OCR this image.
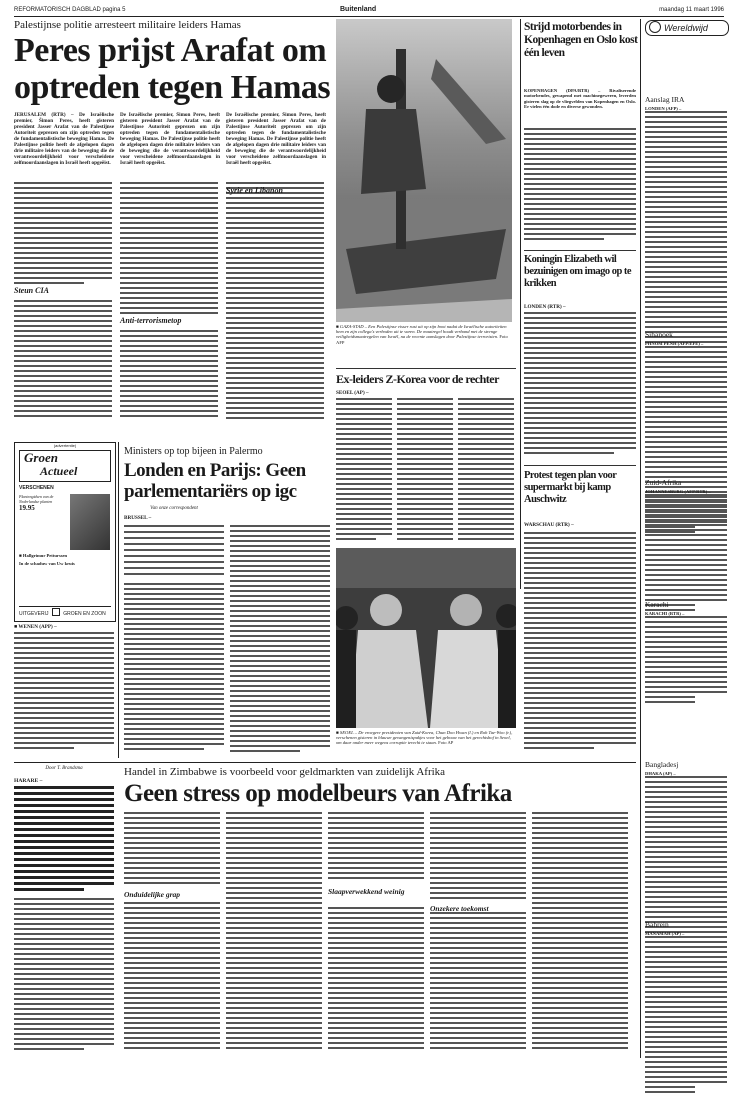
REFORMATORISCH DAGBLAD pagina 5	Buitenland	maandag 11 maart 1996
Palestijnse politie arresteert militaire leiders Hamas
Peres prijst Arafat om
optreden tegen Hamas
JERUSALEM (RTR) – De Israëlische premier, Šimon Peres, heeft gisteren president Jasser Arafat van de Palestijnse Autoriteit geprezen om zijn optreden tegen de fundamentalistische beweging Hamas. De Palestijnse politie heeft de afgelopen dagen drie militaire leiders van de beweging die de verantwoordelijkheid voor verscheidene zelfmoordaanslagen in Israël heeft opgeëist.
De Israëlische premier, Šimon Peres, heeft gisteren president Jasser Arafat van de Palestijnse Autoriteit geprezen om zijn optreden tegen de fundamentalistische beweging Hamas. De Palestijnse politie heeft de afgelopen dagen drie militaire leiders van de beweging die de verantwoordelijkheid voor verscheidene zelfmoordaanslagen in Israël heeft opgeëist.
De Israëlische premier, Šimon Peres, heeft gisteren president Jasser Arafat van de Palestijnse Autoriteit geprezen om zijn optreden tegen de fundamentalistische beweging Hamas. De Palestijnse politie heeft de afgelopen dagen drie militaire leiders van de beweging die de verantwoordelijkheid voor verscheidene zelfmoordaanslagen in Israël heeft opgeëist.
Steun CIA
Anti-terrorismetop
Syrie en Libanon
■ GAZA-STAD – Een Palestijnse visser rust uit op zijn boot nadat de Israëlische autoriteiten hem en zijn collega's verboden uit te varen. De maatregel houdt verband met de strenge veiligheidsmaatregelen van Israël, na de recente aanslagen door Palestijnse terroristen. Foto AFP
Strijd motorbendes in Kopenhagen en Oslo kost één leven
KOPENHAGEN (DPA/RTR) – Rivaliserende motorbendes, gewapend met machinegeweren, leverden gisteren slag op de vliegvelden van Kopenhagen en Oslo. Er vielen één dode en diverse gewonden.
Koningin Elizabeth wil bezuinigen om imago op te krikken
LONDEN (RTR) –
Protest tegen plan voor supermarkt bij kamp Auschwitz
WARSCHAU (RTR) –
Ex-leiders Z-Korea voor de rechter
SEOEL (AP) –
■ SEOEL – De vroegere presidenten van Zuid-Korea, Chun Doo Hwan (l.) en Roh Tae-Woo (r.), verschenen gisteren in blauwe gevangenispakjes voor het gebouw van het gerechtshof in Seoel, om daar onder meer wegens corruptie terecht te staan. Foto AP
(advertentie)
Groen
Actueel
VERSCHENEN
Plantengidsen van de Nederlandse planten
19.95
■ Hallgrimur Petturssen
In de schaduw van Uw kruis
UITGEVERIJ	GROEN EN ZOON
■ WENEN (APP) –
Ministers op top bijeen in Palermo
Londen en Parijs: Geen parlementariërs op igc
Van onze correspondent
BRUSSEL –
Door T. Brandsma	Handel in Zimbabwe is voorbeeld voor geldmarkten van zuidelijk Afrika
Geen stress op modelbeurs van Afrika
HARARE –
Onduidelijke grap	Slaapverwekkend weinig
Onzekere toekomst
Wereldwijd
Aanslag IRA
LONDEN (AFP) –
Sihanoek
PHNOM PENH (AFP/EFE) –
Zuid-Afrika
JOHANNESBURG (AFP/RTR) –
Karachi
KARACHI (RTR) –
Bangladesj
DHAKA (AP) –
Bahrein
MANAMAH (AP) –
